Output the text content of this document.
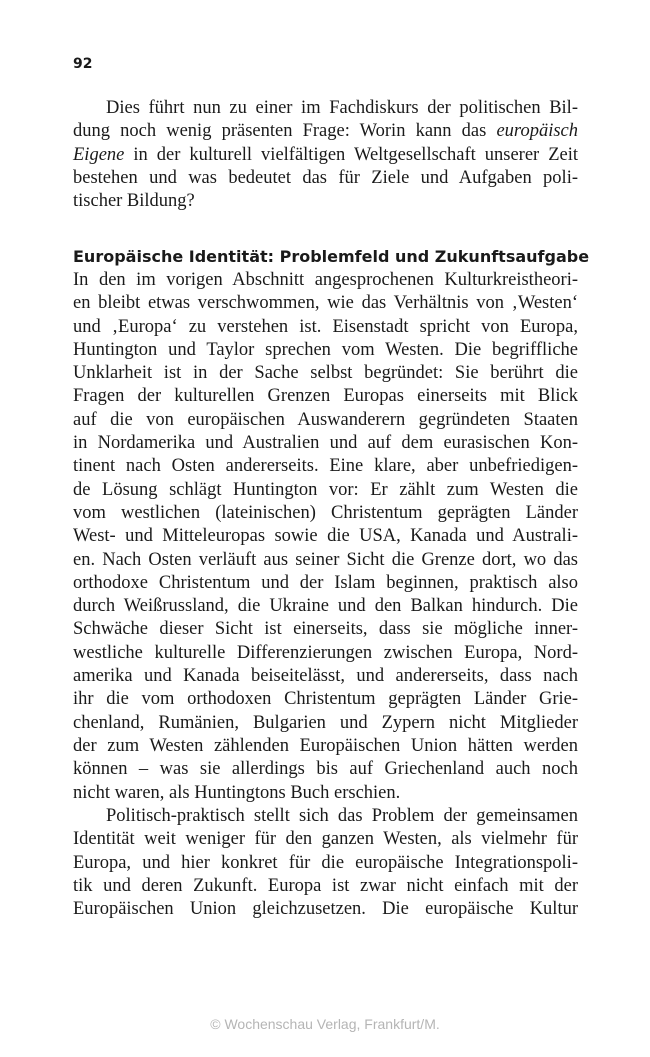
92
Dies führt nun zu einer im Fachdiskurs der politischen Bil-
dung noch wenig präsenten Frage: Worin kann das europäisch
Eigene in der kulturell vielfältigen Weltgesellschaft unserer Zeit
bestehen und was bedeutet das für Ziele und Aufgaben poli-
tischer Bildung?
Europäische Identität: Problemfeld und Zukunftsaufgabe
In den im vorigen Abschnitt angesprochenen Kulturkreistheori-
en bleibt etwas verschwommen, wie das Verhältnis von ‚Westen‘
und ‚Europa‘ zu verstehen ist. Eisenstadt spricht von Europa,
Huntington und Taylor sprechen vom Westen. Die begriffliche
Unklarheit ist in der Sache selbst begründet: Sie berührt die
Fragen der kulturellen Grenzen Europas einerseits mit Blick
auf die von europäischen Auswanderern gegründeten Staaten
in Nordamerika und Australien und auf dem eurasischen Kon-
tinent nach Osten andererseits. Eine klare, aber unbefriedigen-
de Lösung schlägt Huntington vor: Er zählt zum Westen die
vom westlichen (lateinischen) Christentum geprägten Länder
West- und Mitteleuropas sowie die USA, Kanada und Australi-
en. Nach Osten verläuft aus seiner Sicht die Grenze dort, wo das
orthodoxe Christentum und der Islam beginnen, praktisch also
durch Weißrussland, die Ukraine und den Balkan hindurch. Die
Schwäche dieser Sicht ist einerseits, dass sie mögliche inner-
westliche kulturelle Differenzierungen zwischen Europa, Nord-
amerika und Kanada beiseitelässt, und andererseits, dass nach
ihr die vom orthodoxen Christentum geprägten Länder Grie-
chenland, Rumänien, Bulgarien und Zypern nicht Mitglieder
der zum Westen zählenden Europäischen Union hätten werden
können – was sie allerdings bis auf Griechenland auch noch
nicht waren, als Huntingtons Buch erschien.
Politisch-praktisch stellt sich das Problem der gemeinsamen
Identität weit weniger für den ganzen Westen, als vielmehr für
Europa, und hier konkret für die europäische Integrationspoli-
tik und deren Zukunft. Europa ist zwar nicht einfach mit der
Europäischen Union gleichzusetzen. Die europäische Kultur
© Wochenschau Verlag, Frankfurt/M.
